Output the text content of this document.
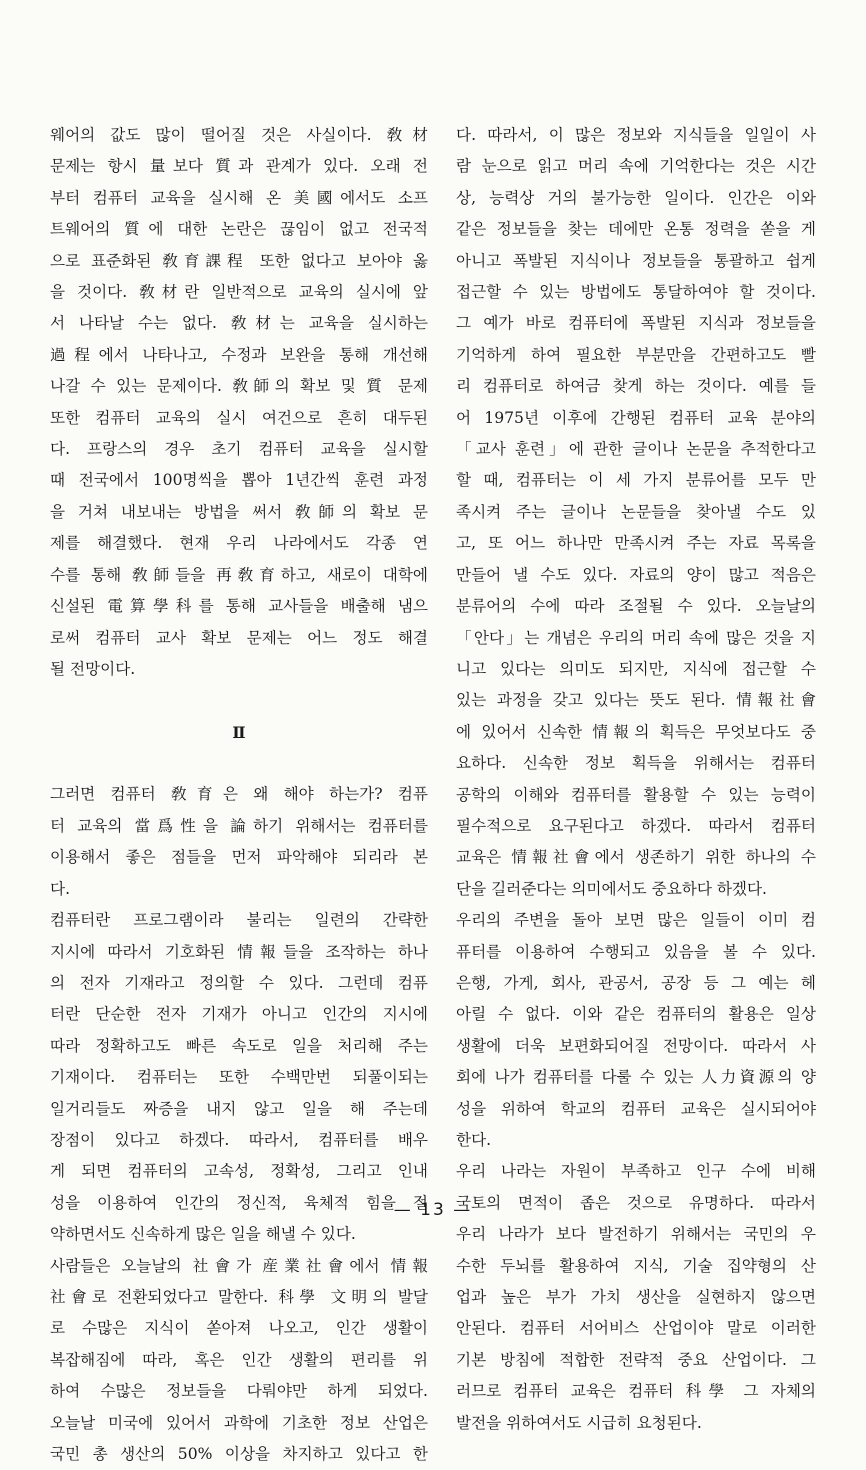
웨어의 값도 많이 떨어질 것은 사실이다. 敎材
문제는 항시 量보다 質과 관계가 있다. 오래 전
부터 컴퓨터 교육을 실시해 온 美國에서도 소프
트웨어의 質에 대한 논란은 끊임이 없고 전국적
으로 표준화된 敎育課程 또한 없다고 보아야 옳
을 것이다. 敎材란 일반적으로 교육의 실시에 앞
서 나타날 수는 없다. 敎材는 교육을 실시하는
過程에서 나타나고, 수정과 보완을 통해 개선해
나갈 수 있는 문제이다. 敎師의 확보 및 質 문제
또한 컴퓨터 교육의 실시 여건으로 흔히 대두된
다. 프랑스의 경우 초기 컴퓨터 교육을 실시할
때 전국에서 100명씩을 뽑아 1년간씩 훈련 과정
을 거쳐 내보내는 방법을 써서 敎師의 확보 문
제를 해결했다. 현재 우리 나라에서도 각종 연
수를 통해 敎師들을 再敎育하고, 새로이 대학에
신설된 電算學科를 통해 교사들을 배출해 냄으
로써 컴퓨터 교사 확보 문제는 어느 정도 해결
될 전망이다.
Ⅱ
그러면 컴퓨터 敎育은 왜 해야 하는가? 컴퓨
터 교육의 當爲性을 論하기 위해서는 컴퓨터를
이용해서 좋은 점들을 먼저 파악해야 되리라 본
다.
컴퓨터란 프로그램이라 불리는 일련의 간략한
지시에 따라서 기호화된 情報들을 조작하는 하나
의 전자 기재라고 정의할 수 있다. 그런데 컴퓨
터란 단순한 전자 기재가 아니고 인간의 지시에
따라 정확하고도 빠른 속도로 일을 처리해 주는
기재이다. 컴퓨터는 또한 수백만번 되풀이되는
일거리들도 짜증을 내지 않고 일을 해 주는데
장점이 있다고 하겠다. 따라서, 컴퓨터를 배우
게 되면 컴퓨터의 고속성, 정확성, 그리고 인내
성을 이용하여 인간의 정신적, 육체적 힘을 절
약하면서도 신속하게 많은 일을 해낼 수 있다.
사람들은 오늘날의 社會가 産業社會에서 情報
社會로 전환되었다고 말한다. 科學 文明의 발달
로 수많은 지식이 쏟아져 나오고, 인간 생활이
복잡해짐에 따라, 혹은 인간 생활의 편리를 위
하여 수많은 정보들을 다뤄야만 하게 되었다.
오늘날 미국에 있어서 과학에 기초한 정보 산업은
국민 총 생산의 50% 이상을 차지하고 있다고 한
다. 따라서, 이 많은 정보와 지식들을 일일이 사
람 눈으로 읽고 머리 속에 기억한다는 것은 시간
상, 능력상 거의 불가능한 일이다. 인간은 이와
같은 정보들을 찾는 데에만 온통 정력을 쏟을 게
아니고 폭발된 지식이나 정보들을 통괄하고 쉽게
접근할 수 있는 방법에도 통달하여야 할 것이다.
그 예가 바로 컴퓨터에 폭발된 지식과 정보들을
기억하게 하여 필요한 부분만을 간편하고도 빨
리 컴퓨터로 하여금 찾게 하는 것이다. 예를 들
어 1975년 이후에 간행된 컴퓨터 교육 분야의
「교사 훈련」에 관한 글이나 논문을 추적한다고
할 때, 컴퓨터는 이 세 가지 분류어를 모두 만
족시켜 주는 글이나 논문들을 찾아낼 수도 있
고, 또 어느 하나만 만족시켜 주는 자료 목록을
만들어 낼 수도 있다. 자료의 양이 많고 적음은
분류어의 수에 따라 조절될 수 있다. 오늘날의
「안다」는 개념은 우리의 머리 속에 많은 것을 지
니고 있다는 의미도 되지만, 지식에 접근할 수
있는 과정을 갖고 있다는 뜻도 된다. 情報社會
에 있어서 신속한 情報의 획득은 무엇보다도 중
요하다. 신속한 정보 획득을 위해서는 컴퓨터
공학의 이해와 컴퓨터를 활용할 수 있는 능력이
필수적으로 요구된다고 하겠다. 따라서 컴퓨터
교육은 情報社會에서 생존하기 위한 하나의 수
단을 길러준다는 의미에서도 중요하다 하겠다.
우리의 주변을 돌아 보면 많은 일들이 이미 컴
퓨터를 이용하여 수행되고 있음을 볼 수 있다.
은행, 가게, 회사, 관공서, 공장 등 그 예는 헤
아릴 수 없다. 이와 같은 컴퓨터의 활용은 일상
생활에 더욱 보편화되어질 전망이다. 따라서 사
회에 나가 컴퓨터를 다룰 수 있는 人力資源의 양
성을 위하여 학교의 컴퓨터 교육은 실시되어야
한다.
우리 나라는 자원이 부족하고 인구 수에 비해
국토의 면적이 좁은 것으로 유명하다. 따라서
우리 나라가 보다 발전하기 위해서는 국민의 우
수한 두뇌를 활용하여 지식, 기술 집약형의 산
업과 높은 부가 가치 생산을 실현하지 않으면
안된다. 컴퓨터 서어비스 산업이야 말로 이러한
기본 방침에 적합한 전략적 중요 산업이다. 그
러므로 컴퓨터 교육은 컴퓨터 科學 그 자체의
발전을 위하여서도 시급히 요청된다.
— 13 —
